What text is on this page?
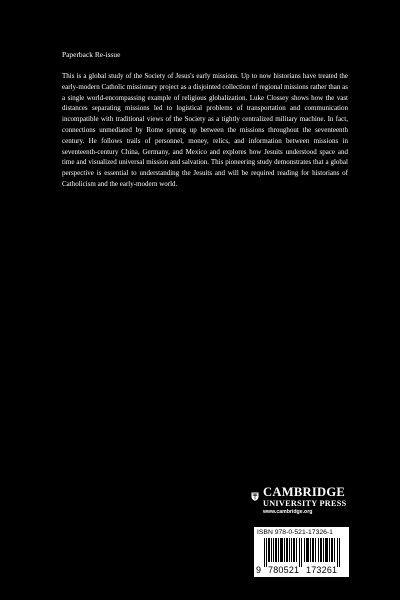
Paperback Re-issue
This is a global study of the Society of Jesus's early missions. Up to now historians have treated the early-modern Catholic missionary project as a disjointed collection of regional missions rather than as a single world-encompassing example of religious globalization. Luke Clossey shows how the vast distances separating missions led to logistical problems of transportation and communication incompatible with traditional views of the Society as a tightly centralized military machine. In fact, connections unmediated by Rome sprung up between the missions throughout the seventeenth century. He follows trails of personnel, money, relics, and information between missions in seventeenth-century China, Germany, and Mexico and explores how Jesuits understood space and time and visualized universal mission and salvation. This pioneering study demonstrates that a global perspective is essential to understanding the Jesuits and will be required reading for historians of Catholicism and the early-modern world.
CAMBRIDGE
UNIVERSITY PRESS
www.cambridge.org
ISBN 978-0-521-17326-1
9 780521 173261
